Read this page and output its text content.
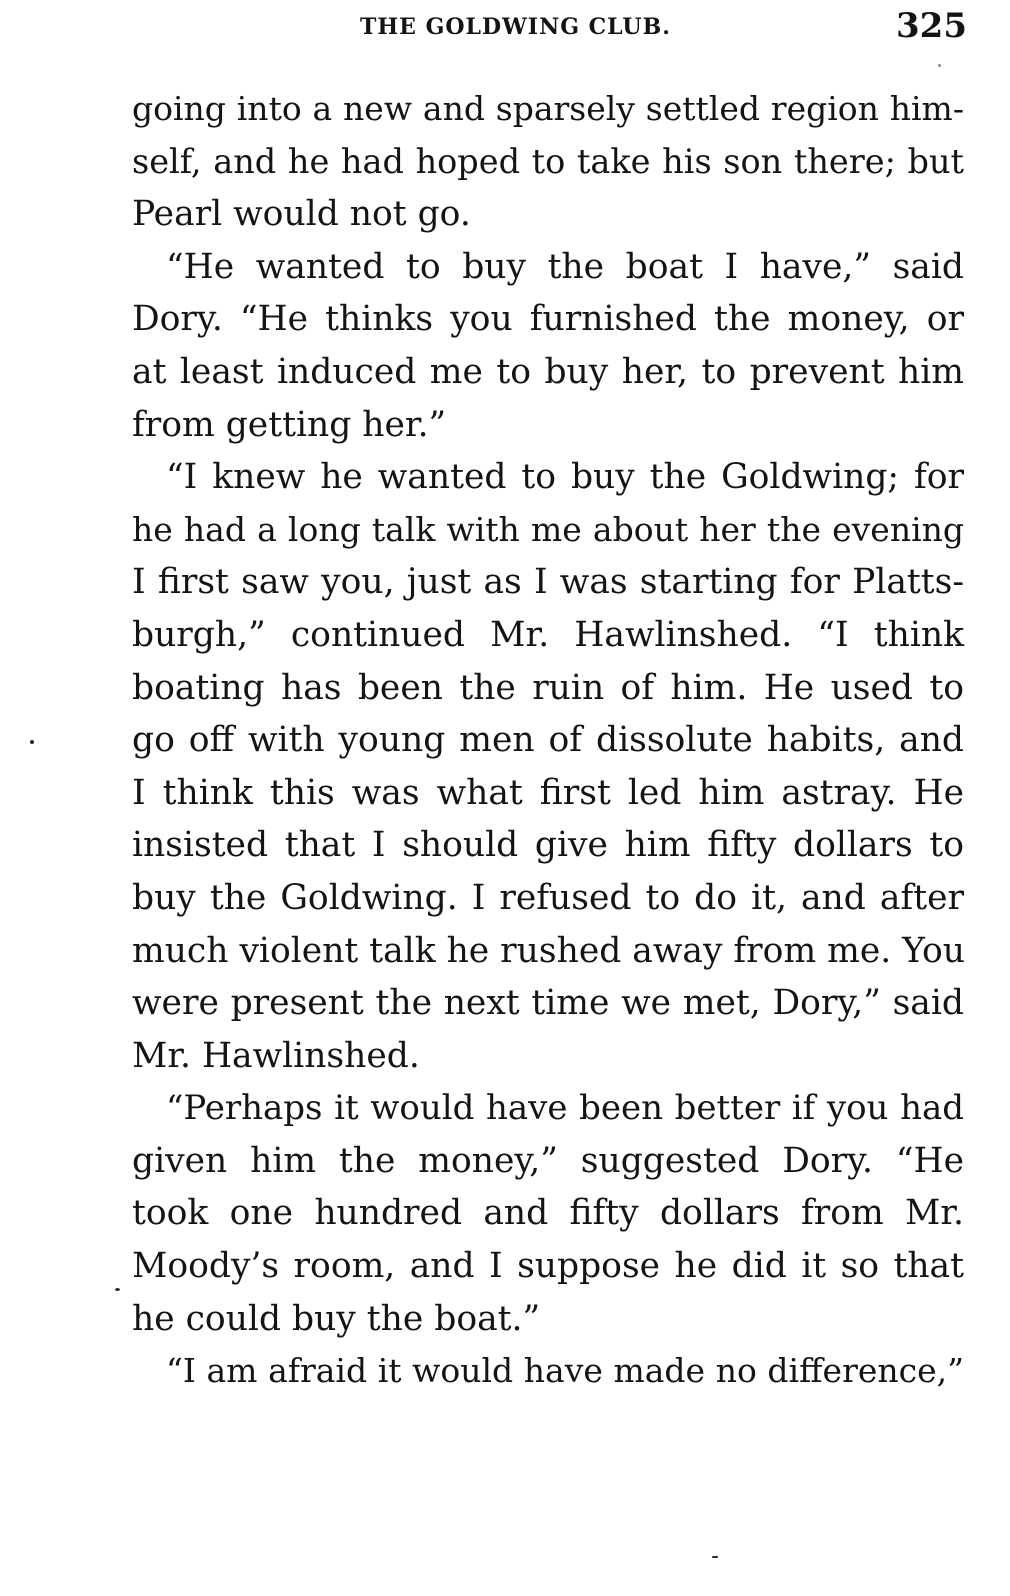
THE GOLDWING CLUB.	325
going into a new and sparsely settled region him-
self, and he had hoped to take his son there; but
Pearl would not go.
“He wanted to buy the boat I have,” said
Dory. “He thinks you furnished the money, or
at least induced me to buy her, to prevent him
from getting her.”
“I knew he wanted to buy the Goldwing; for
he had a long talk with me about her the evening
I first saw you, just as I was starting for Platts-
burgh,” continued Mr. Hawlinshed. “I think
boating has been the ruin of him. He used to
go off with young men of dissolute habits, and
I think this was what first led him astray. He
insisted that I should give him fifty dollars to
buy the Goldwing. I refused to do it, and after
much violent talk he rushed away from me. You
were present the next time we met, Dory,” said
Mr. Hawlinshed.
“Perhaps it would have been better if you had
given him the money,” suggested Dory. “He
took one hundred and fifty dollars from Mr.
Moody’s room, and I suppose he did it so that
he could buy the boat.”
“I am afraid it would have made no difference,”
